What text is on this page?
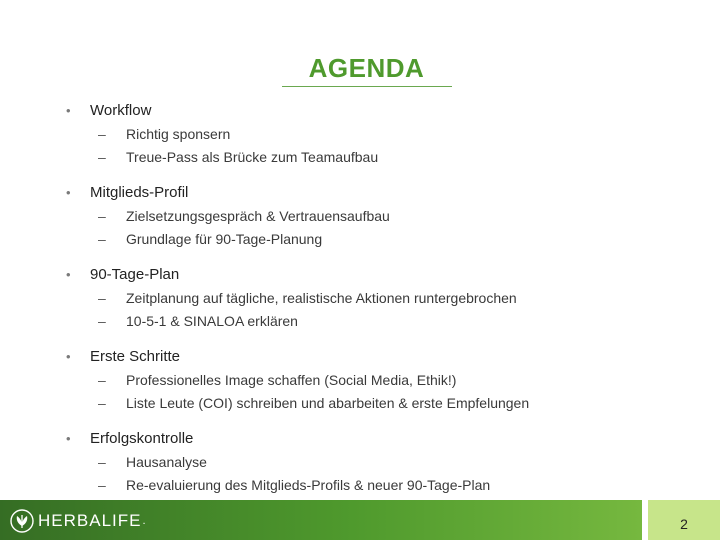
AGENDA
•	Workflow
–	Richtig sponsern
–	Treue-Pass als Brücke zum Teamaufbau
•	Mitglieds-Profil
–	Zielsetzungsgespräch & Vertrauensaufbau
–	Grundlage für 90-Tage-Planung
•	90-Tage-Plan
–	Zeitplanung auf tägliche, realistische Aktionen runtergebrochen
–	10-5-1 & SINALOA erklären
•	Erste Schritte
–	Professionelles Image schaffen (Social Media, Ethik!)
–	Liste Leute (COI) schreiben und abarbeiten & erste Empfelungen
•	Erfolgskontrolle
–	Hausanalyse
–	Re-evaluierung des Mitglieds-Profils & neuer 90-Tage-Plan
HERBALIFE .	2
